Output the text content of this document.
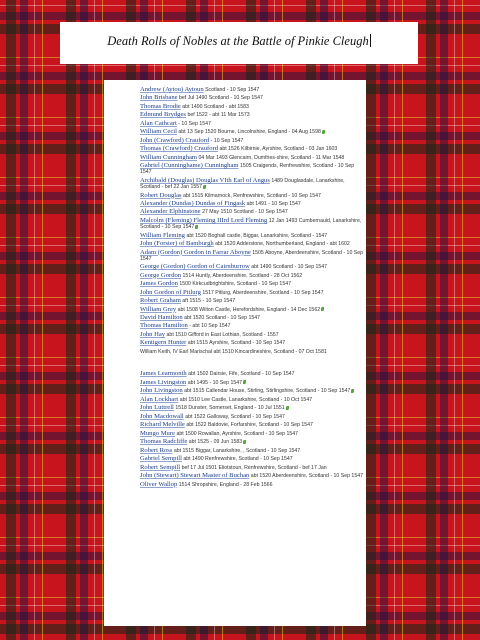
Death Rolls of Nobles at the Battle of Pinkie Cleugh
Andrew (Aytou) Aytoun Scotland - 10 Sep 1547
John Brisbane bef Jul 1490 Scotland - 10 Sep 1547
Thomas Brodie abt 1490 Scotland - abt 1583
Edmund Brydges bef 1522 - abt 11 Mar 1573
Alan Cathcart - 10 Sep 1547
William Cecil abt 13 Sep 1520 Bourne, Lincolnshire, England - 04 Aug 1598
John (Crawford) Crauford - 10 Sep 1547
Thomas (Crawford) Crauford abt 1526 Kilbirnie, Ayrshire, Scotland - 03 Jan 1603
William Cunningham 04 Mar 1493 Glencairn, Dumfries-shire, Scotland - 11 Mar 1548
Gabriel (Cunninghame) Cunningham 1505 Craigends, Renfrewshire, Scotland - 10 Sep 1547
Archibald (Douglas) Douglas VIth Earl of Angus 1489 Douglasdale, Lanarkshire, Scotland - bef 22 Jan 1557
Robert Douglas abt 1515 Kilmarnock, Renfrewshire, Scotland - 10 Sep 1547
Alexander (Dundas) Dundas of Fingask abt 1491 - 10 Sep 1547
Alexander Elphinstone 27 May 1510 Scotland - 10 Sep 1547
Malcolm (Fleming) Fleming IIIrd Lord Fleming 12 Jan 1493 Cumbernauld, Lanarkshire, Scotland - 10 Sep 1547
William Fleming abt 1520 Boghall castle, Biggar, Lanarkshire, Scotland - 1547
John (Forster) of Bamburgh abt 1520 Adderstone, Northumberland, England - abt 1602
Adam (Gordon) Gordon in Farrar Aboyne 1505 Aboyne, Aberdeenshire, Scotland - 10 Sep 1547
George (Gordon) Gordon of Cairnburrow abt 1490 Scotland - 10 Sep 1547
George Gordon 1514 Huntly, Aberdeenshire, Scotland - 28 Oct 1562
James Gordon 1500 Kirkcudbrightshire, Scotland - 10 Sep 1547
John Gordon of Pitlurg 1517 Pitlurg, Aberdeenshire, Scotland - 10 Sep 1547
Robert Graham aft 1515 - 10 Sep 1547
William Grey abt 1508 Wilton Castle, Herefordshire, England - 14 Dec 1562
David Hamilton abt 1520 Scotland - 10 Sep 1547
Thomas Hamilton - abt 10 Sep 1547
John Hay abt 1510 Gifford in East Lothian, Scotland - 1557
Kentigern Hunter abt 1515 Ayrshire, Scotland - 10 Sep 1547
William Keith, IV Earl Marischal abt 1510 Kincardineshire, Scotland - 07 Oct 1581
James Learmonth abt 1502 Dairsie, Fife, Scotland - 10 Sep 1547
James Livingston abt 1495 - 10 Sep 1547
John Livingston abt 1515 Callendar House, Stirling, Stirlingshire, Scotland - 10 Sep 1547
Alan Lockhart abt 1510 Lee Castle, Lanarkshire, Scotland - 10 Oct 1547
John Luttrell 1518 Dunster, Somerset, England - 10 Jul 1551
John Macdowall abt 1522 Galloway, Scotland - 10 Sep 1547
Richard Melville abt 1522 Baldovie, Forfarshire, Scotland - 10 Sep 1547
Mungo Mure abt 1500 Rowallan, Ayrshire, Scotland - 10 Sep 1547
Thomas Radcliffe abt 1525 - 09 Jun 1583
Robert Ross abt 1515 Biggar, Lanarkshire, , Scotland - 10 Sep 1547
Gabriel Sempill abt 1490 Renfrewshire, Scotland - 10 Sep 1547
Robert Sempill bef 17 Jul 1501 Eliotstoun, Renfrewshire, Scotland - bef 17 Jan
John (Stewart) Stewart Master of Buchan abt 1520 Aberdeenshire, Scotland - 10 Sep 1547
Oliver Wallop 1514 Shropshire, England - 28 Feb 1566
